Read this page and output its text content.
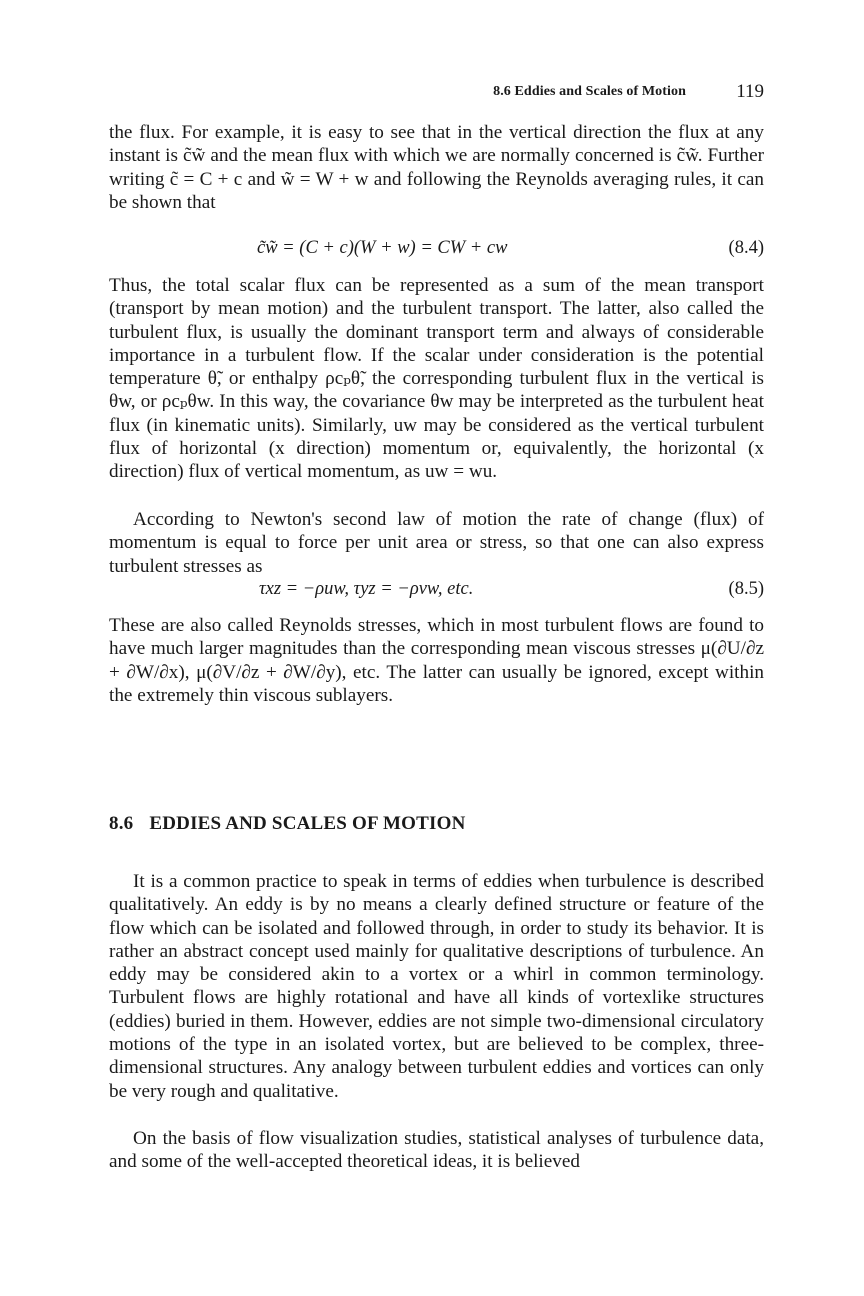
8.6 Eddies and Scales of Motion	119

the flux. For example, it is easy to see that in the vertical direction the flux at any instant is c̃w̃ and the mean flux with which we are normally concerned is c̃w̃. Further writing c̃ = C + c and w̃ = W + w and following the Reynolds averaging rules, it can be shown that

c̃w̃ = (C + c)(W + w) = CW + cw	(8.4)

Thus, the total scalar flux can be represented as a sum of the mean transport (transport by mean motion) and the turbulent transport. The latter, also called the turbulent flux, is usually the dominant transport term and always of considerable importance in a turbulent flow. If the scalar under consideration is the potential temperature θ̃, or enthalpy ρcₚθ̃, the corresponding turbulent flux in the vertical is θw, or ρcₚθw. In this way, the covariance θw may be interpreted as the turbulent heat flux (in kinematic units). Similarly, uw may be considered as the vertical turbulent flux of horizontal (x direction) momentum or, equivalently, the horizontal (x direction) flux of vertical momentum, as uw = wu.

According to Newton's second law of motion the rate of change (flux) of momentum is equal to force per unit area or stress, so that one can also express turbulent stresses as

τxz = −ρuw, τyz = −ρvw, etc.	(8.5)

These are also called Reynolds stresses, which in most turbulent flows are found to have much larger magnitudes than the corresponding mean viscous stresses μ(∂U/∂z + ∂W/∂x), μ(∂V/∂z + ∂W/∂y), etc. The latter can usually be ignored, except within the extremely thin viscous sublayers.

8.6 EDDIES AND SCALES OF MOTION

It is a common practice to speak in terms of eddies when turbulence is described qualitatively. An eddy is by no means a clearly defined structure or feature of the flow which can be isolated and followed through, in order to study its behavior. It is rather an abstract concept used mainly for qualitative descriptions of turbulence. An eddy may be considered akin to a vortex or a whirl in common terminology. Turbulent flows are highly rotational and have all kinds of vortexlike structures (eddies) buried in them. However, eddies are not simple two-dimensional circulatory motions of the type in an isolated vortex, but are believed to be complex, three-dimensional structures. Any analogy between turbulent eddies and vortices can only be very rough and qualitative.

On the basis of flow visualization studies, statistical analyses of turbulence data, and some of the well-accepted theoretical ideas, it is believed
